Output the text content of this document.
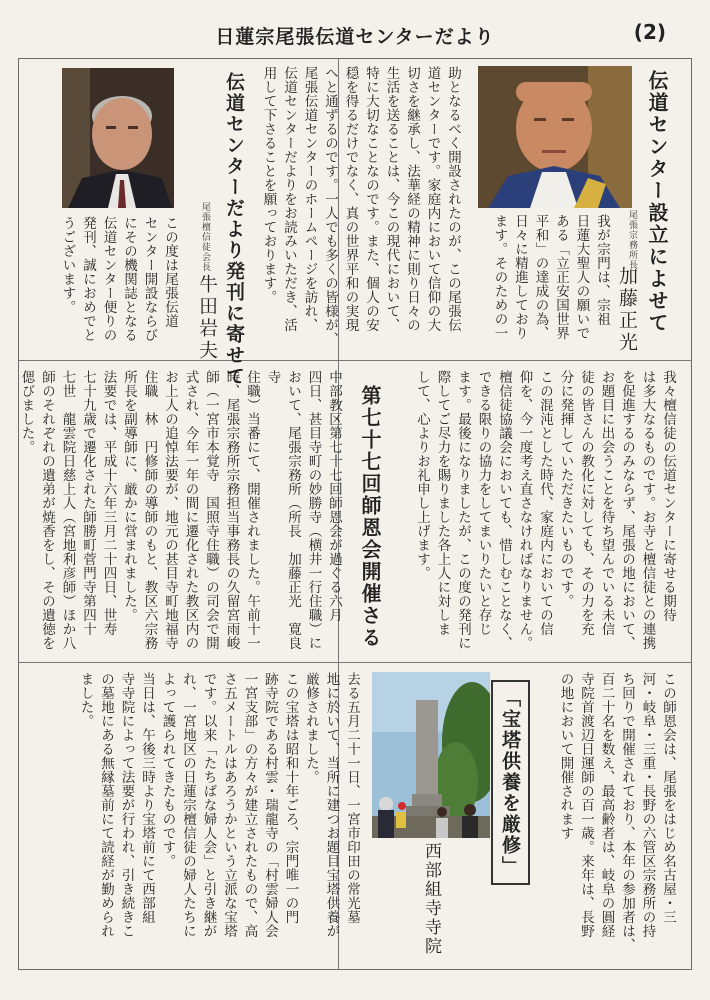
日蓮宗尾張伝道センターだより	(2)
伝道センター設立によせて
尾張宗務所長
加藤正光
我が宗門は、宗祖
日蓮大聖人の願いで
ある「立正安国世界
平和」の達成の為、
日々に精進しており
ます。そのための一
助となるべく開設されたのが、この尾張伝
道センターです。家庭内において信仰の大
切さを継承し、法華経の精神に則り日々の
生活を送ることは、今この現代において、
特に大切なことなのです。また、個人の安
穏を得るだけでなく、真の世界平和の実現
へと通ずるのです。一人でも多くの皆様が、
尾張伝道センターのホームページを訪れ、
伝道センターだよりをお読みいただき、活
用して下さることを願っております。
伝道センターだより発刊に寄せて
尾張檀信徒会長
牛田岩夫
この度は尾張伝道
センター開設ならび
にその機関誌となる
伝道センター便りの
発刊、誠におめでと
うございます。
我々檀信徒の伝道センターに寄せる期待
は多大なるものです。お寺と檀信徒との連携
を促進するのみならず、尾張の地において、
お題目に出会うことを待ち望んでいる未信
徒の皆さんの教化に対しても、その力を充
分に発揮していただきたいものです。
この混沌とした時代、家庭内においての信
仰を、今一度考え直さなければなりません。
檀信徒協議会においても、惜しむことなく、
できる限りの協力をしてまいりたいと存じ
ます。最後になりましたが、この度の発刊に
際してご尽力を賜りました各上人に対しま
して、心よりお礼申し上げます。
第七十七回師恩会開催さる
中部教区第七十七回師恩会が過ぐる六月
四日、甚目寺町の妙勝寺（横井一行住職）に
おいて、尾張宗務所（所長　加藤正光　寛良寺
住職）当番にて、開催されました。午前十一
時、尾張宗務所宗務担当事務長の久留宮雨峻
師（一宮市本覚寺　国照寺住職）の司会で開
式され、今年一年の間に遷化された教区内の
お上人の追悼法要が、地元の甚目寺町地福寺
住職　林　円修師の導師のもと、教区六宗務
所長を副導師に、厳かに営まれました。
法要では、平成十六年三月二十四日、世寿
七十九歳で遷化された師勝町菅門寺第四十
七世　龍雲院日慈上人（宮地利彦師）ほか八
師のそれぞれの遺弟が焼香をし、その遺徳を
偲びました。
この師恩会は、尾張をはじめ名古屋・三
河・岐阜・三重・長野の六管区宗務所の持
ち回りで開催されており、本年の参加者は、
百二十名を数え、最高齢者は、岐阜の圓経
寺院首渡辺日運師の百一歳。来年は、長野
の地において開催されます
「宝塔供養を厳修」
西部組寺寺院
去る五月二十一日、一宮市印田の常光墓
地に於いて、当所に建つお題目宝塔供養が
厳修されました。
この宝塔は昭和十年ごろ、宗門唯一の門
跡寺院である村雲・瑞龍寺の「村雲婦人会
一宮支部」の方々が建立されたもので、高
さ五メートルはあろうかという立派な宝塔
です。以来「たちばな婦人会」と引き継が
れ、一宮地区の日蓮宗檀信徒の婦人たちに
よって護られてきたものです。
当日は、午後三時より宝塔前にて西部組
寺寺院によって法要が行われ、引き続きこ
の墓地にある無縁墓前にて読経が勤められ
ました。
